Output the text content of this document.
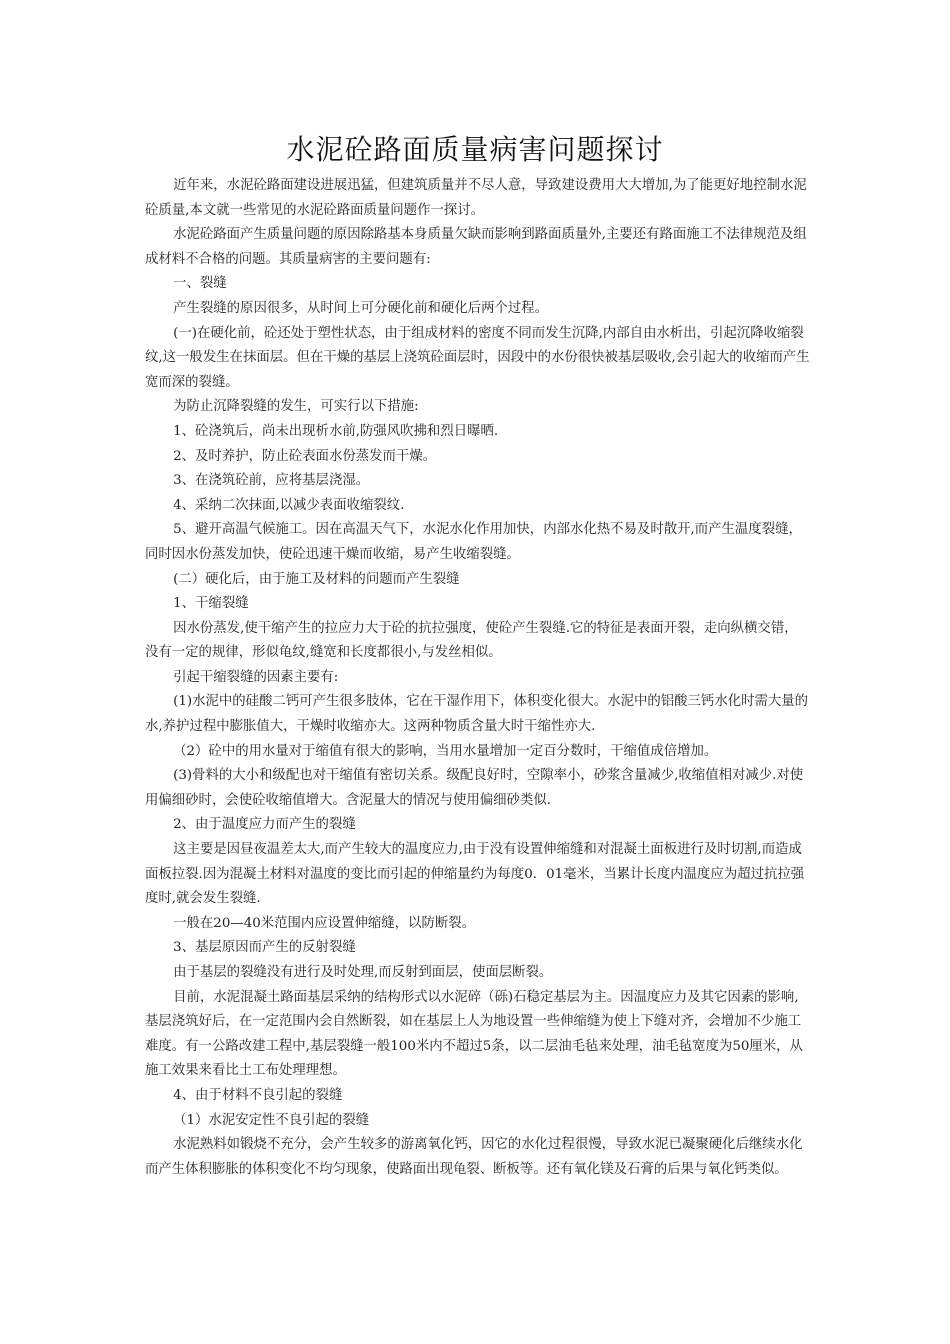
水泥砼路面质量病害问题探讨

近年来，水泥砼路面建设进展迅猛，但建筑质量并不尽人意，导致建设费用大大增加,为了能更好地控制水泥砼质量,本文就一些常见的水泥砼路面质量问题作一探讨。

水泥砼路面产生质量问题的原因除路基本身质量欠缺而影响到路面质量外,主要还有路面施工不法律规范及组成材料不合格的问题。其质量病害的主要问题有:

一、裂缝

产生裂缝的原因很多，从时间上可分硬化前和硬化后两个过程。

(一)在硬化前，砼还处于塑性状态，由于组成材料的密度不同而发生沉降,内部自由水析出，引起沉降收缩裂纹,这一般发生在抹面层。但在干燥的基层上浇筑砼面层时，因段中的水份很快被基层吸收,会引起大的收缩而产生宽而深的裂缝。

为防止沉降裂缝的发生，可实行以下措施:

1、砼浇筑后，尚未出现析水前,防强风吹拂和烈日曝晒.

2、及时养护，防止砼表面水份蒸发而干燥。

3、在浇筑砼前，应将基层浇湿。

4、采纳二次抹面,以减少表面收缩裂纹.

5、避开高温气候施工。因在高温天气下，水泥水化作用加快，内部水化热不易及时散开,而产生温度裂缝，同时因水份蒸发加快，使砼迅速干燥而收缩，易产生收缩裂缝。

(二）硬化后，由于施工及材料的问题而产生裂缝

1、干缩裂缝

因水份蒸发,使干缩产生的拉应力大于砼的抗拉强度，使砼产生裂缝.它的特征是表面开裂，走向纵横交错，没有一定的规律，形似龟纹,缝宽和长度都很小,与发丝相似。

引起干缩裂缝的因素主要有:

(1)水泥中的硅酸二钙可产生很多肢体，它在干湿作用下，体积变化很大。水泥中的铝酸三钙水化时需大量的水,养护过程中膨胀值大，干燥时收缩亦大。这两种物质含量大时干缩性亦大.

（2）砼中的用水量对于缩值有很大的影响，当用水量增加一定百分数时，干缩值成倍增加。

(3)骨料的大小和级配也对干缩值有密切关系。级配良好时，空隙率小，砂浆含量减少,收缩值相对减少.对使用偏细砂时，会使砼收缩值增大。含泥量大的情况与使用偏细砂类似.

2、由于温度应力而产生的裂缝

这主要是因昼夜温差太大,而产生较大的温度应力,由于没有设置伸缩缝和对混凝土面板进行及时切割,而造成面板拉裂.因为混凝土材料对温度的变比而引起的伸缩量约为每度0．01毫米，当累计长度内温度应为超过抗拉强度时,就会发生裂缝.

一般在20—40米范围内应设置伸缩缝，以防断裂。

3、基层原因而产生的反射裂缝

由于基层的裂缝没有进行及时处理,而反射到面层，使面层断裂。

目前，水泥混凝土路面基层采纳的结构形式以水泥碎（砾)石稳定基层为主。因温度应力及其它因素的影响,基层浇筑好后，在一定范围内会自然断裂，如在基层上人为地设置一些伸缩缝为使上下缝对齐，会增加不少施工难度。有一公路改建工程中,基层裂缝一般100米内不超过5条，以二层油毛毡来处理，油毛毡宽度为50厘米，从施工效果来看比土工布处理理想。

4、由于材料不良引起的裂缝

（1）水泥安定性不良引起的裂缝

水泥熟料如锻烧不充分，会产生较多的游离氧化钙，因它的水化过程很慢，导致水泥已凝聚硬化后继续水化而产生体积膨胀的体积变化不均匀现象，使路面出现龟裂、断板等。还有氧化镁及石膏的后果与氧化钙类似。
